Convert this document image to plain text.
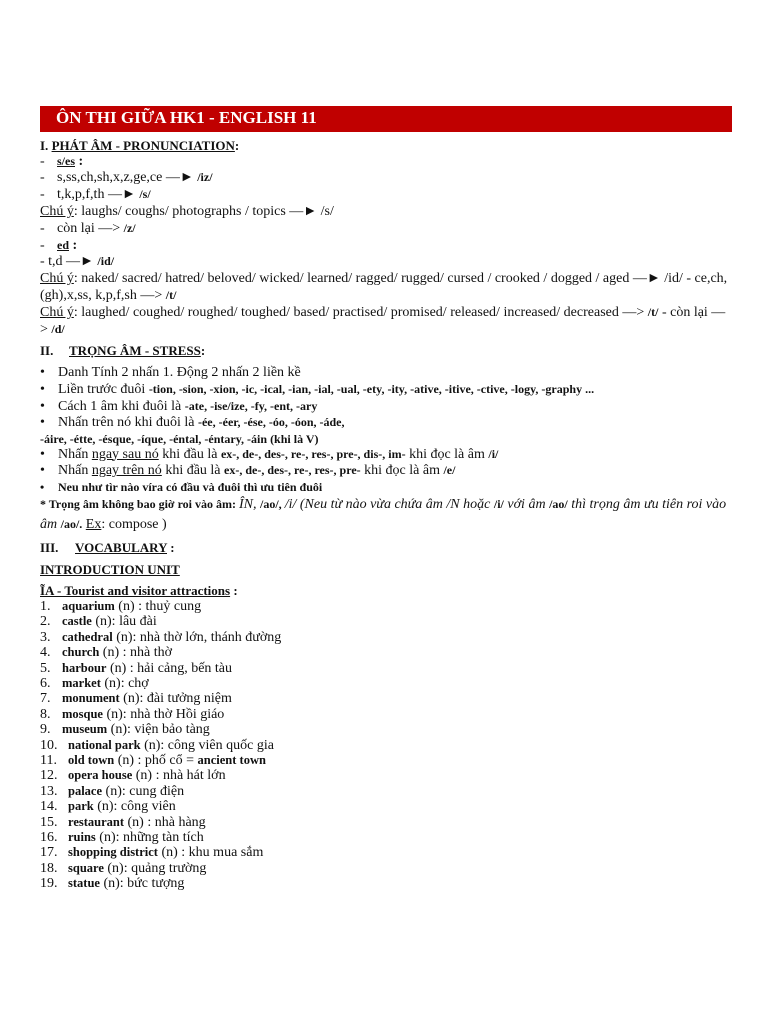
ÔN THI GIỮA HK1 - ENGLISH 11
I. PHÁT ÂM - PRONUNCIATION:
- s/es :
- s,ss,ch,sh,x,z,ge,ce —► /iz/
- t,k,p,f,th —► /s/
Chú ý: laughs/ coughs/ photographs / topics —► /s/
- còn lại —> /z/
- ed :
- t,d —► /id/
Chú ý: naked/ sacred/ hatred/ beloved/ wicked/ learned/ ragged/ rugged/ cursed / crooked / dogged / aged —► /id/ - ce,ch,(gh),x,ss, k,p,f,sh —> /t/
Chú ý: laughed/ coughed/ roughed/ toughed/ based/ practised/ promised/ released/ increased/ decreased —> /t/ - còn lại —> /d/
II. TRỌNG ÂM - STRESS:
• Danh Tính 2 nhấn 1. Động 2 nhấn 2 liền kề
• Liền trước đuôi -tion, -sion, -xion, -ic, -ical, -ian, -ial, -ual, -ety, -ity, -ative, -itive, -ctive, -logy, -graphy ...
• Cách 1 âm khi đuôi là -ate, -ise/ize, -fy, -ent, -ary
• Nhấn trên nó khi đuôi là -ée, -éer, -ése, -óo, -óon, -áde,
-áire, -étte, -ésque, -íque, -éntal, -éntary, -áin (khi là V)
• Nhấn ngay sau nó khi đầu là ex-, de-, des-, re-, res-, pre-, dis-, im- khi đọc là âm /i/
• Nhấn ngay trên nó khi đầu là ex-, de-, des-, re-, res-, pre- khi đọc là âm /e/
• Neu như tìr nào víra có đầu và đuôi thì ưu tiên đuôi
* Trọng âm không bao giờ roi vào âm: ÎN, /ao/, /i/ (Neu từ nào vừa chứa âm /N hoặc /i/ với âm /ao/ thì trọng âm ưu tiên roi vào âm /ao/. Ex: compose )
III. VOCABULARY :
INTRODUCTION UNIT
ĨA - Tourist and visitor attractions :
1. aquarium (n) : thuỷ cung
2. castle (n): lâu đài
3. cathedral (n): nhà thờ lớn, thánh đường
4. church (n) : nhà thờ
5. harbour (n) : hải cảng, bến tàu
6. market (n): chợ
7. monument (n): đài tưởng niệm
8. mosque (n): nhà thờ Hồi giáo
9. museum (n): viện bảo tàng
10. national park (n): công viên quốc gia
11. old town (n) : phố cổ = ancient town
12. opera house (n) : nhà hát lớn
13. palace (n): cung điện
14. park (n): công viên
15. restaurant (n) : nhà hàng
16. ruins (n): những tàn tích
17. shopping district (n) : khu mua sắm
18. square (n): quảng trường
19. statue (n): bức tượng
